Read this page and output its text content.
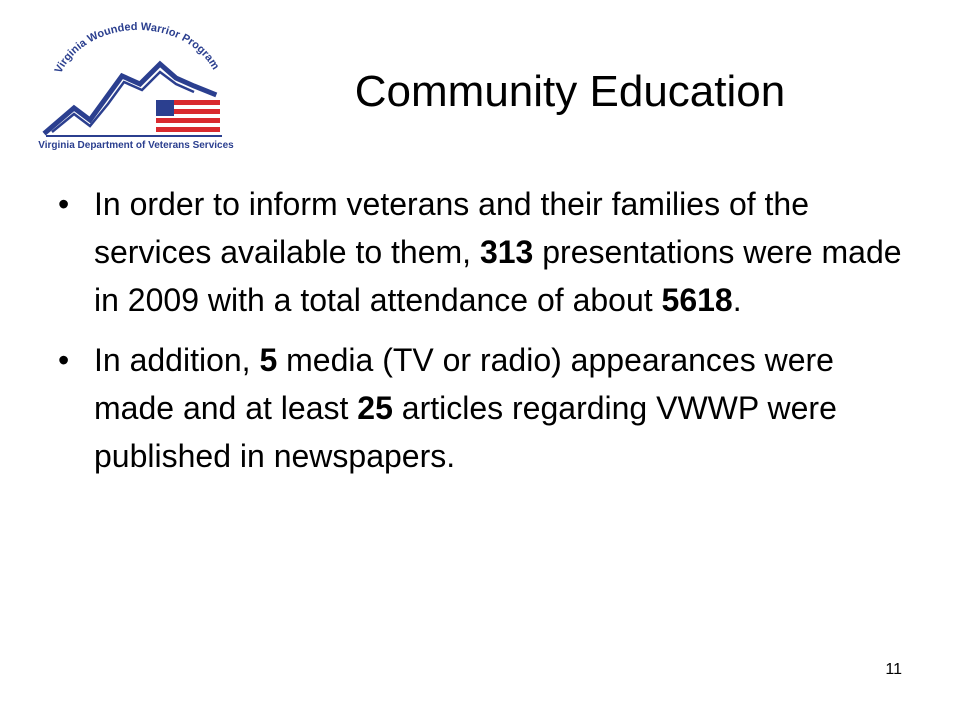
Virginia Wounded Warrior Program
Virginia Department of Veterans Services
Community Education
• In order to inform veterans and their families of the services available to them, 313 presentations were made in 2009 with a total attendance of about 5618.
• In addition, 5 media (TV or radio) appearances were made and at least 25 articles regarding VWWP were published in newspapers.
11
